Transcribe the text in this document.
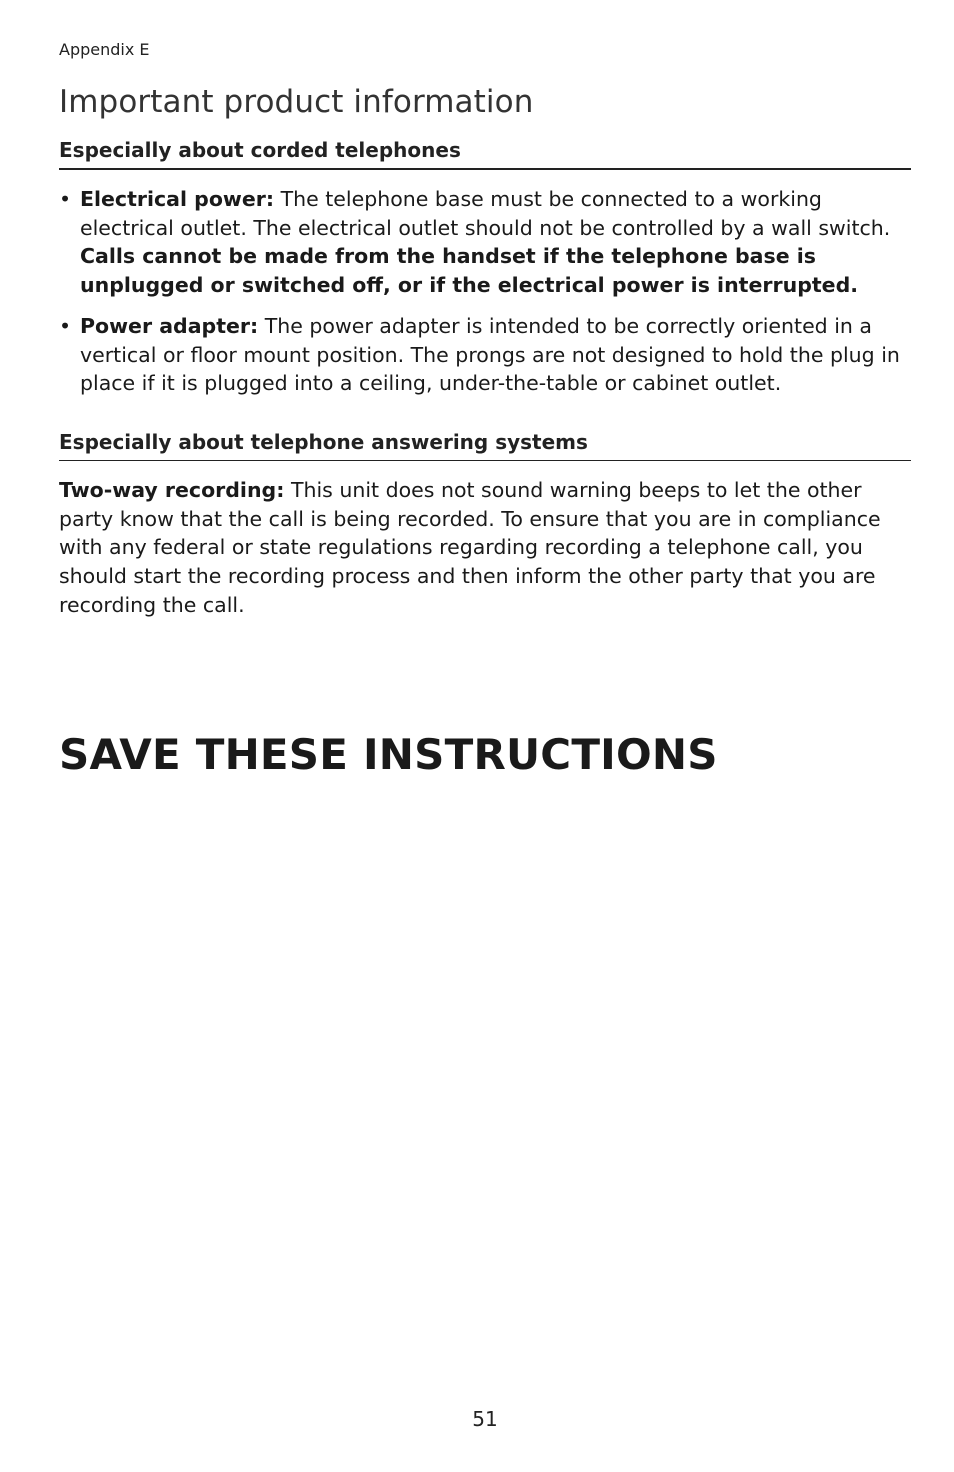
Appendix E
Important product information
Especially about corded telephones
• Electrical power: The telephone base must be connected to a working electrical outlet. The electrical outlet should not be controlled by a wall switch. Calls cannot be made from the handset if the telephone base is unplugged or switched off, or if the electrical power is interrupted.
• Power adapter: The power adapter is intended to be correctly oriented in a vertical or floor mount position. The prongs are not designed to hold the plug in place if it is plugged into a ceiling, under-the-table or cabinet outlet.
Especially about telephone answering systems

Two-way recording: This unit does not sound warning beeps to let the other party know that the call is being recorded. To ensure that you are in compliance with any federal or state regulations regarding recording a telephone call, you should start the recording process and then inform the other party that you are recording the call.

SAVE THESE INSTRUCTIONS
51
